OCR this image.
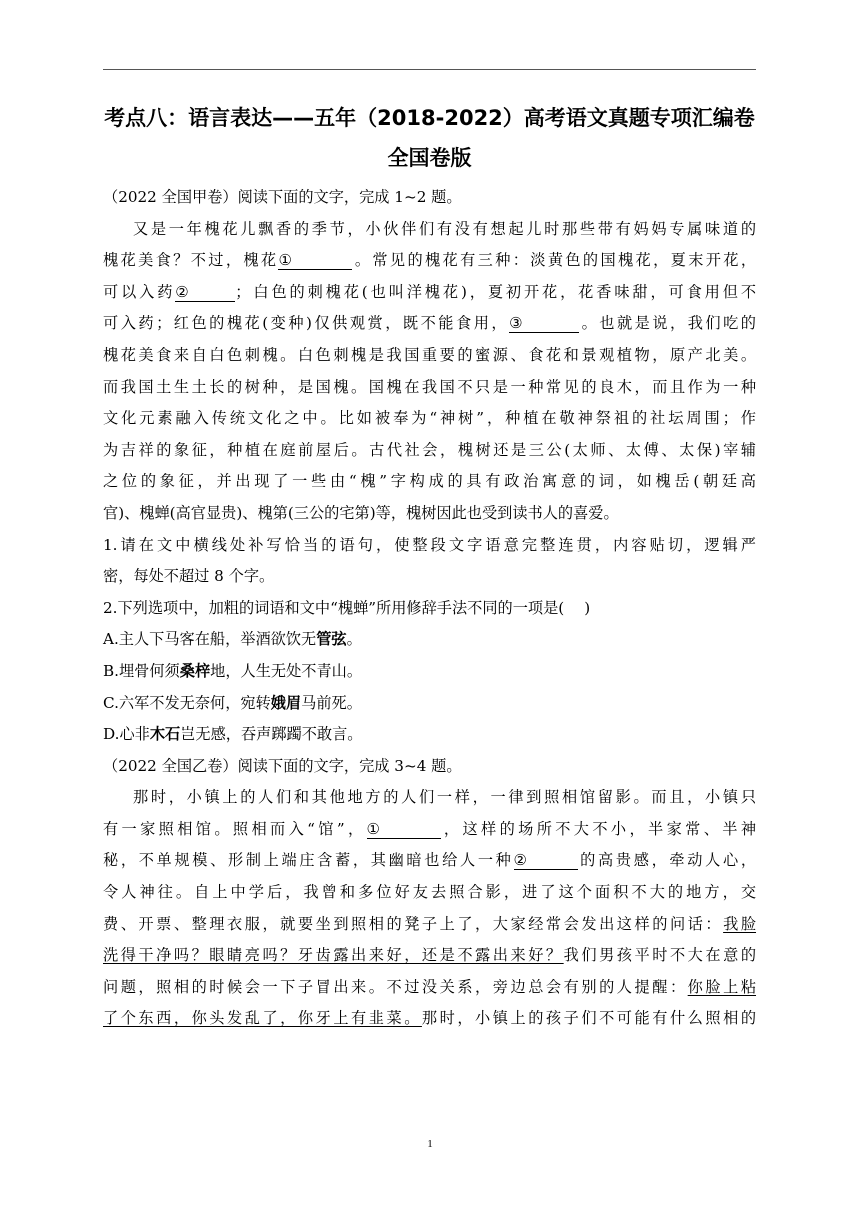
考点八：语言表达——五年（2018-2022）高考语文真题专项汇编卷
全国卷版
（2022 全国甲卷）阅读下面的文字，完成 1~2 题。
又是一年槐花儿飘香的季节，小伙伴们有没有想起儿时那些带有妈妈专属味道的
槐花美食？不过，槐花①	。常见的槐花有三种：淡黄色的国槐花，夏末开花，
可以入药②	；白色的刺槐花(也叫洋槐花)，夏初开花，花香味甜，可食用但不
可入药；红色的槐花(变种)仅供观赏，既不能食用，③	。也就是说，我们吃的
槐花美食来自白色刺槐。白色刺槐是我国重要的蜜源、食花和景观植物，原产北美。
而我国土生土长的树种，是国槐。国槐在我国不只是一种常见的良木，而且作为一种
文化元素融入传统文化之中。比如被奉为“神树”，种植在敬神祭祖的社坛周围；作
为吉祥的象征，种植在庭前屋后。古代社会，槐树还是三公(太师、太傅、太保)宰辅
之位的象征，并出现了一些由“槐”字构成的具有政治寓意的词，如槐岳(朝廷高
官)、槐蝉(高官显贵)、槐第(三公的宅第)等，槐树因此也受到读书人的喜爱。
1.请在文中横线处补写恰当的语句，使整段文字语意完整连贯，内容贴切，逻辑严
密，每处不超过 8 个字。
2.下列选项中，加粗的词语和文中“槐蝉”所用修辞手法不同的一项是(　 )
A.主人下马客在船，举酒欲饮无管弦。
B.埋骨何须桑梓地，人生无处不青山。
C.六军不发无奈何，宛转娥眉马前死。
D.心非木石岂无感，吞声踯躅不敢言。
（2022 全国乙卷）阅读下面的文字，完成 3~4 题。
那时，小镇上的人们和其他地方的人们一样，一律到照相馆留影。而且，小镇只
有一家照相馆。照相而入“馆”，①	，这样的场所不大不小，半家常、半神
秘，不单规模、形制上端庄含蓄，其幽暗也给人一种②	的高贵感，牵动人心，
令人神往。自上中学后，我曾和多位好友去照合影，进了这个面积不大的地方，交
费、开票、整理衣服，就要坐到照相的凳子上了，大家经常会发出这样的问话：我脸
洗得干净吗？眼睛亮吗？牙齿露出来好，还是不露出来好？我们男孩平时不大在意的
问题，照相的时候会一下子冒出来。不过没关系，旁边总会有别的人提醒：你脸上粘
了个东西，你头发乱了，你牙上有韭菜。那时，小镇上的孩子们不可能有什么照相的
1
